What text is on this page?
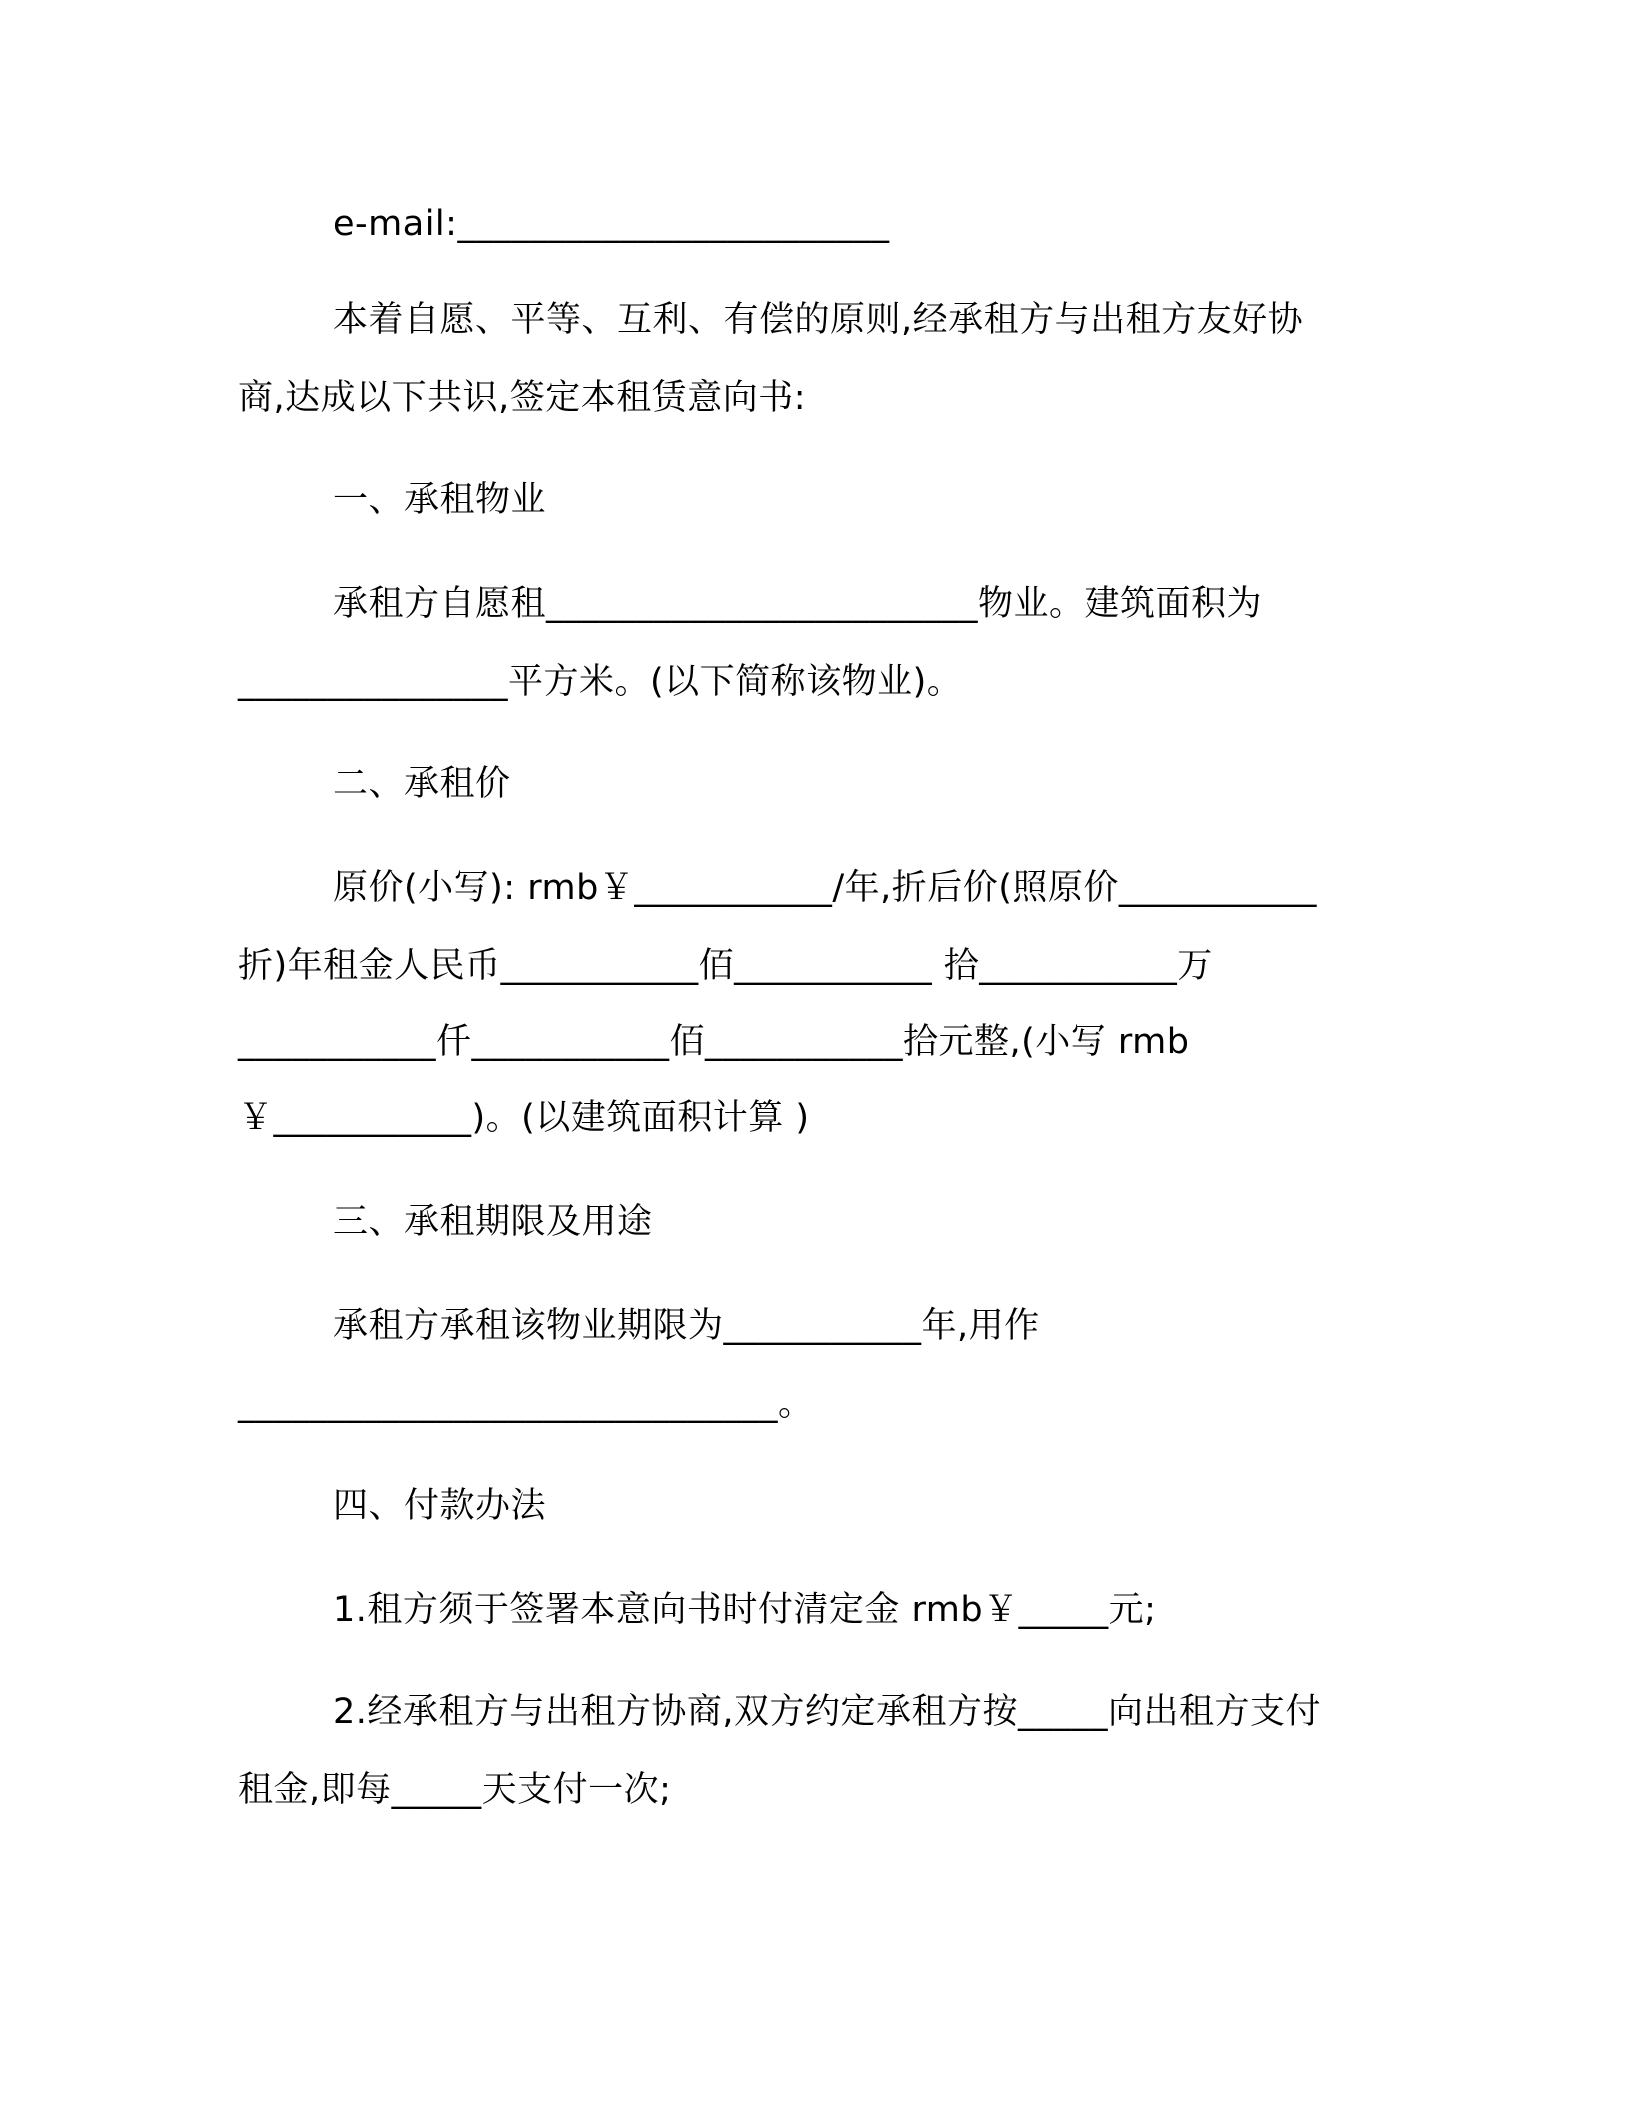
e-mail:________________________
本着自愿、平等、互利、有偿的原则,经承租方与出租方友好协
商,达成以下共识,签定本租赁意向书:
一、承租物业
承租方自愿租________________________物业。建筑面积为
_______________平方米。(以下简称该物业)。
二、承租价
原价(小写): rmb￥___________/年,折后价(照原价___________
折)年租金人民币___________佰___________ 拾___________万
___________仟___________佰___________拾元整,(小写 rmb
￥___________)。(以建筑面积计算 )
三、承租期限及用途
承租方承租该物业期限为___________年,用作
______________________________。
四、付款办法
1.租方须于签署本意向书时付清定金 rmb￥_____元;
2.经承租方与出租方协商,双方约定承租方按_____向出租方支付
租金,即每_____天支付一次;
